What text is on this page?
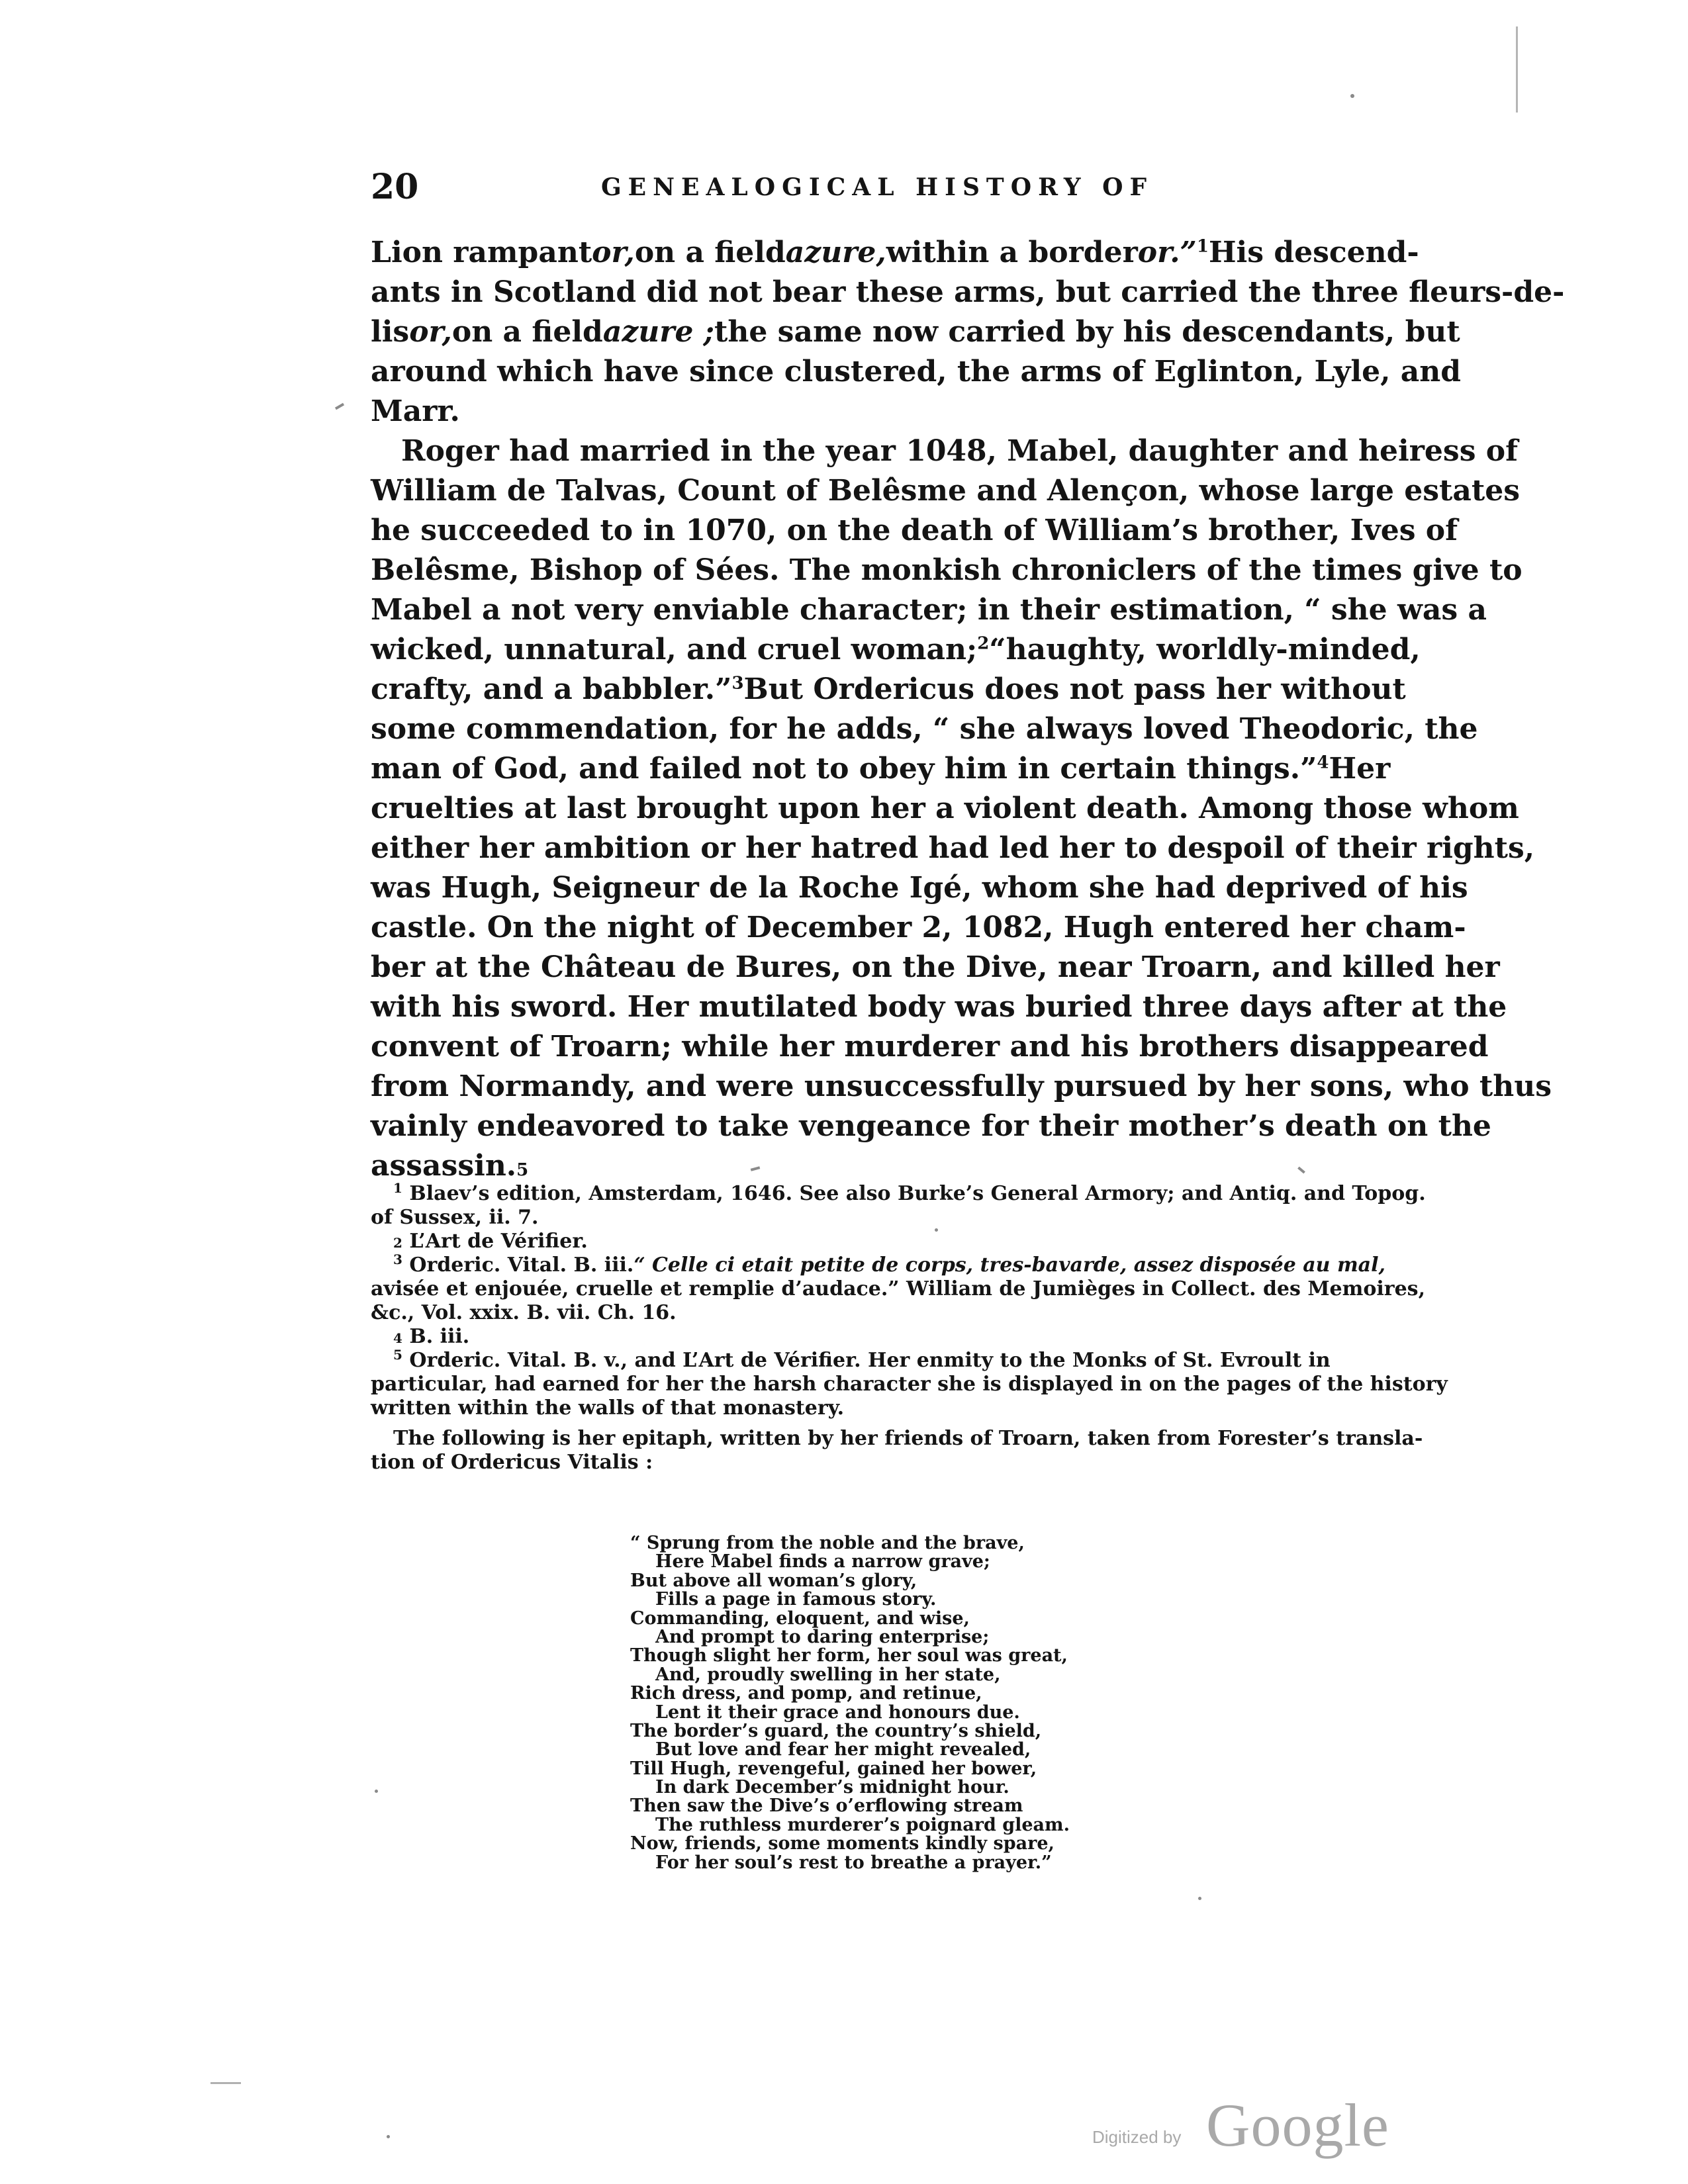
20	GENEALOGICAL HISTORY OF
Lion rampant or, on a field azure, within a border or.”$^1$ His descend-
ants in Scotland did not bear these arms, but carried the three fleurs-de-
lis or, on a field azure ; the same now carried by his descendants, but
around which have since clustered, the arms of Eglinton, Lyle, and
Marr.
Roger had married in the year 1048, Mabel, daughter and heiress of
William de Talvas, Count of Belêsme and Alençon, whose large estates
he succeeded to in 1070, on the death of William’s brother, Ives of
Belêsme, Bishop of Sées. The monkish chroniclers of the times give to
Mabel a not very enviable character; in their estimation, “ she was a
wicked, unnatural, and cruel woman;$^2$ “haughty, worldly-minded,
crafty, and a babbler.”$^3$ But Ordericus does not pass her without
some commendation, for he adds, “ she always loved Theodoric, the
man of God, and failed not to obey him in certain things.”$^4$ Her
cruelties at last brought upon her a violent death. Among those whom
either her ambition or her hatred had led her to despoil of their rights,
was Hugh, Seigneur de la Roche Igé, whom she had deprived of his
castle. On the night of December 2, 1082, Hugh entered her cham-
ber at the Château de Bures, on the Dive, near Troarn, and killed her
with his sword. Her mutilated body was buried three days after at the
convent of Troarn; while her murderer and his brothers disappeared
from Normandy, and were unsuccessfully pursued by her sons, who thus
vainly endeavored to take vengeance for their mother’s death on the
assassin. 5
$^1$ Blaev’s edition, Amsterdam, 1646. See also Burke’s General Armory; and Antiq. and Topog.
of Sussex, ii. 7.
2
L’Art de Vérifier.
$^3$ Orderic. Vital. B. iii. “ Celle ci etait petite de corps, tres-bavarde, assez disposée au mal,
avisée et enjouée, cruelle et remplie d’audace.” William de Jumièges in Collect. des Memoires,
&c., Vol. xxix. B. vii. Ch. 16.
4
B. iii.
$^5$ Orderic. Vital. B. v., and L’Art de Vérifier. Her enmity to the Monks of St. Evroult in
particular, had earned for her the harsh character she is displayed in on the pages of the history
written within the walls of that monastery.
The following is her epitaph, written by her friends of Troarn, taken from Forester’s transla-
tion of Ordericus Vitalis :
“ Sprung from the noble and the brave,
Here Mabel finds a narrow grave;
But above all woman’s glory,
Fills a page in famous story.
Commanding, eloquent, and wise,
And prompt to daring enterprise;
Though slight her form, her soul was great,
And, proudly swelling in her state,
Rich dress, and pomp, and retinue,
Lent it their grace and honours due.
The border’s guard, the country’s shield,
But love and fear her might revealed,
Till Hugh, revengeful, gained her bower,
In dark December’s midnight hour.
Then saw the Dive’s o’erflowing stream
The ruthless murderer’s poignard gleam.
Now, friends, some moments kindly spare,
For her soul’s rest to breathe a prayer.”
Digitized by Google
